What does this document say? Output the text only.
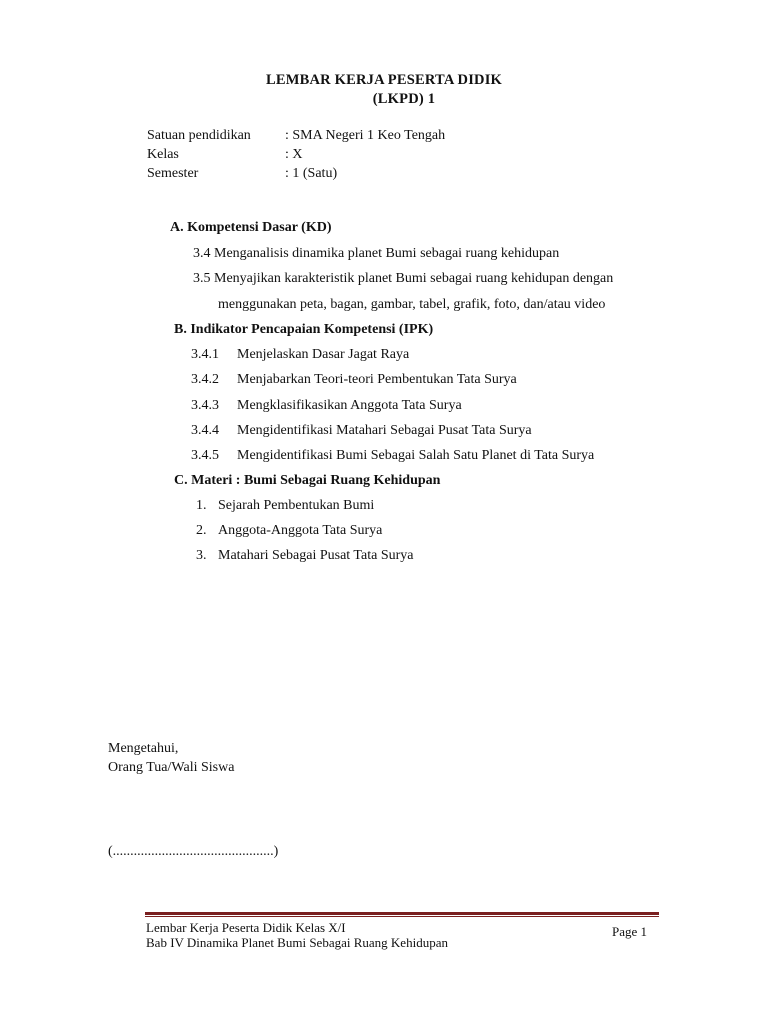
LEMBAR KERJA PESERTA DIDIK
(LKPD) 1
Satuan pendidikan : SMA Negeri 1 Keo Tengah
Kelas	: X
Semester	: 1 (Satu)
A. Kompetensi Dasar (KD)
3.4 Menganalisis dinamika planet Bumi sebagai ruang kehidupan
3.5 Menyajikan karakteristik planet Bumi sebagai ruang kehidupan dengan
menggunakan peta, bagan, gambar, tabel, grafik, foto, dan/atau video
B. Indikator Pencapaian Kompetensi (IPK)
3.4.1 Menjelaskan Dasar Jagat Raya
3.4.2 Menjabarkan Teori-teori Pembentukan Tata Surya
3.4.3 Mengklasifikasikan Anggota Tata Surya
3.4.4 Mengidentifikasi Matahari Sebagai Pusat Tata Surya
3.4.5 Mengidentifikasi Bumi Sebagai Salah Satu Planet di Tata Surya
C. Materi : Bumi Sebagai Ruang Kehidupan
1. Sejarah Pembentukan Bumi
2. Anggota-Anggota Tata Surya
3. Matahari Sebagai Pusat Tata Surya
Mengetahui,
Orang Tua/Wali Siswa
(..............................................)
Lembar Kerja Peserta Didik Kelas X/I
Bab IV Dinamika Planet Bumi Sebagai Ruang Kehidupan
Page 1
